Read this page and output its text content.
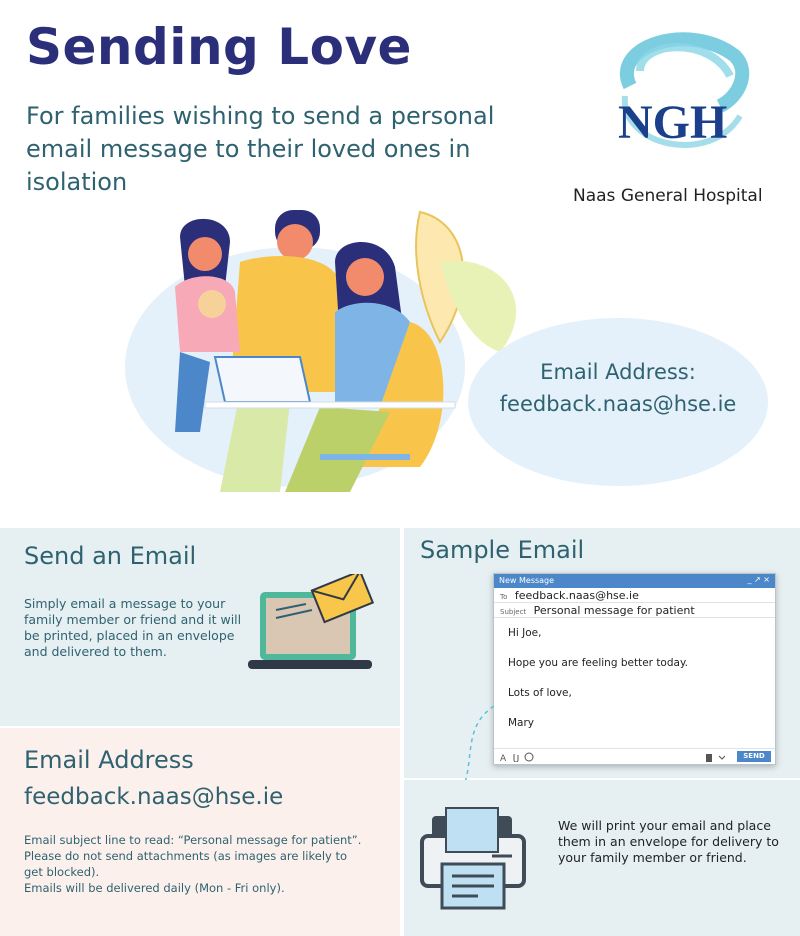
Sending Love
For families wishing to send a personal email message to their loved ones in isolation
NGH
Naas General Hospital
Email Address:
feedback.naas@hse.ie
Send an Email
Simply email a message to your
family member or friend and it will
be printed, placed in an envelope
and delivered to them.
Email Address
feedback.naas@hse.ie
Email subject line to read: “Personal message for patient”.
Please do not send attachments (as images are likely to
get blocked).
Emails will be delivered daily (Mon - Fri only).
Sample Email
New Message	_ ↗ ×
To feedback.naas@hse.ie
Subject Personal message for patient

Hi Joe,

Hope you are feeling better today.

Lots of love,

Mary

A	SEND
We will print your email and place
them in an envelope for delivery to
your family member or friend.
